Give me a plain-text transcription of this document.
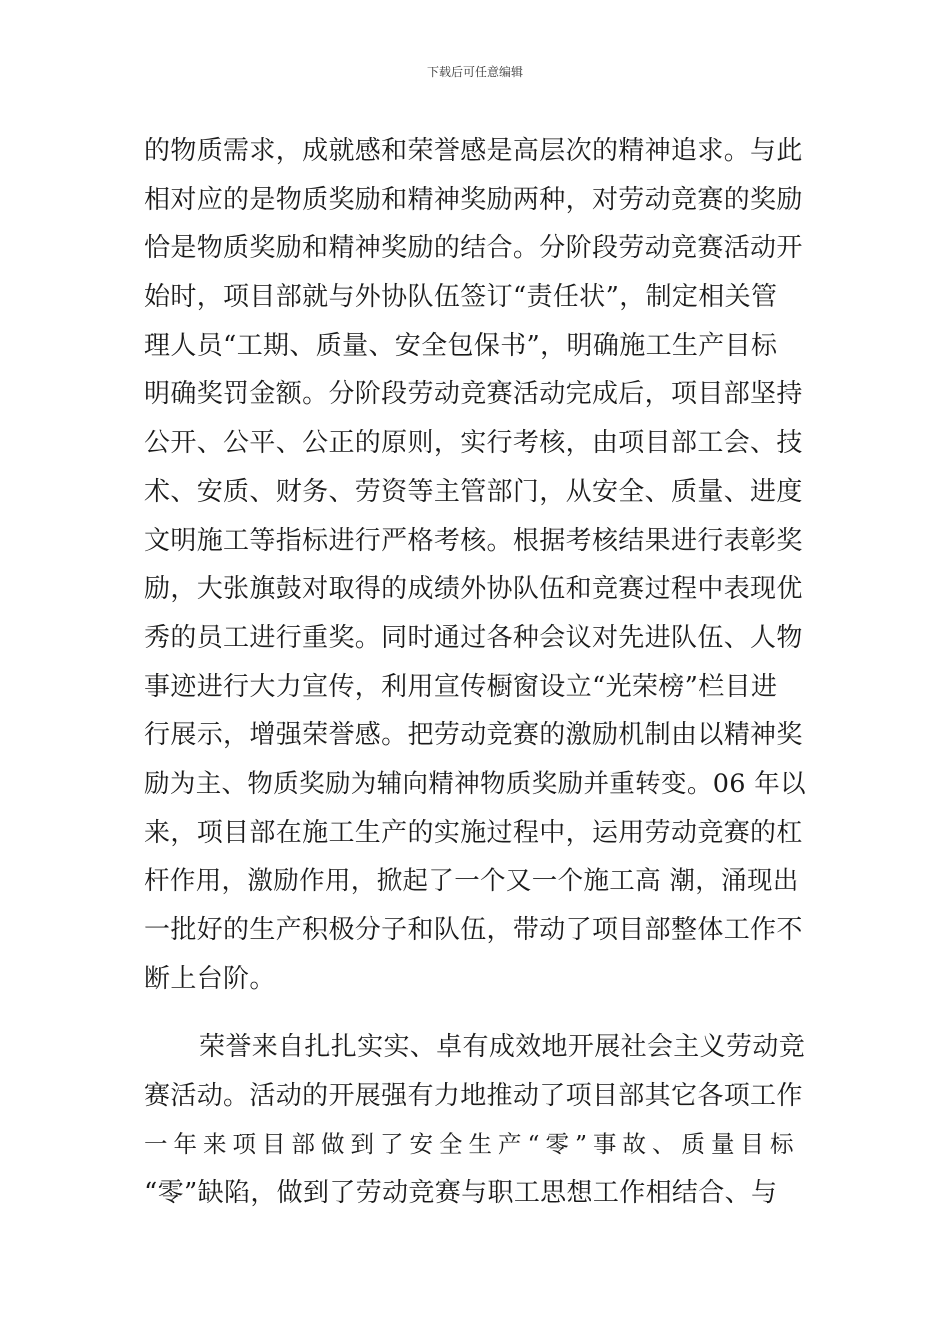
下载后可任意编辑
的物质需求，成就感和荣誉感是高层次的精神追求。与此
相对应的是物质奖励和精神奖励两种，对劳动竞赛的奖励
恰是物质奖励和精神奖励的结合。分阶段劳动竞赛活动开
始时，项目部就与外协队伍签订“责任状”，制定相关管
理人员“工期、质量、安全包保书”，明确施工生产目标
明确奖罚金额。分阶段劳动竞赛活动完成后，项目部坚持
公开、公平、公正的原则，实行考核，由项目部工会、技
术、安质、财务、劳资等主管部门，从安全、质量、进度
文明施工等指标进行严格考核。根据考核结果进行表彰奖
励，大张旗鼓对取得的成绩外协队伍和竞赛过程中表现优
秀的员工进行重奖。同时通过各种会议对先进队伍、人物
事迹进行大力宣传，利用宣传橱窗设立“光荣榜”栏目进
行展示，增强荣誉感。把劳动竞赛的激励机制由以精神奖
励为主、物质奖励为辅向精神物质奖励并重转变。06 年以
来，项目部在施工生产的实施过程中，运用劳动竞赛的杠
杆作用，激励作用，掀起了一个又一个施工高 潮，涌现出
一批好的生产积极分子和队伍，带动了项目部整体工作不
断上台阶。
荣誉来自扎扎实实、卓有成效地开展社会主义劳动竞
赛活动。活动的开展强有力地推动了项目部其它各项工作
一年来项目部做到了安全生产“零”事故、质量目标
“零”缺陷，做到了劳动竞赛与职工思想工作相结合、与
